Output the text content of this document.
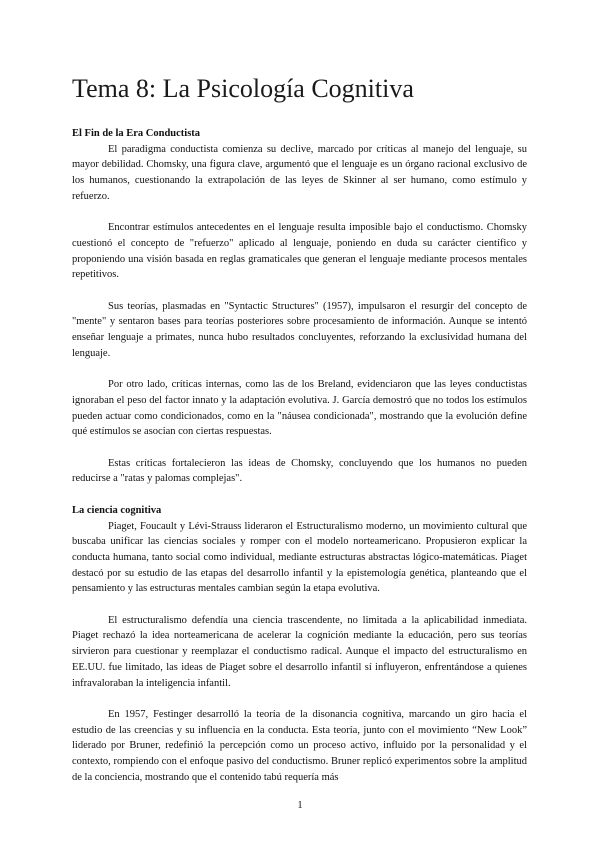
Tema 8: La Psicología Cognitiva

El Fin de la Era Conductista

El paradigma conductista comienza su declive, marcado por críticas al manejo del lenguaje, su mayor debilidad. Chomsky, una figura clave, argumentó que el lenguaje es un órgano racional exclusivo de los humanos, cuestionando la extrapolación de las leyes de Skinner al ser humano, como estímulo y refuerzo.

Encontrar estímulos antecedentes en el lenguaje resulta imposible bajo el conductismo. Chomsky cuestionó el concepto de "refuerzo" aplicado al lenguaje, poniendo en duda su carácter científico y proponiendo una visión basada en reglas gramaticales que generan el lenguaje mediante procesos mentales repetitivos.

Sus teorías, plasmadas en "Syntactic Structures" (1957), impulsaron el resurgir del concepto de "mente" y sentaron bases para teorías posteriores sobre procesamiento de información. Aunque se intentó enseñar lenguaje a primates, nunca hubo resultados concluyentes, reforzando la exclusividad humana del lenguaje.

Por otro lado, críticas internas, como las de los Breland, evidenciaron que las leyes conductistas ignoraban el peso del factor innato y la adaptación evolutiva. J. García demostró que no todos los estímulos pueden actuar como condicionados, como en la "náusea condicionada", mostrando que la evolución define qué estímulos se asocian con ciertas respuestas.

Estas críticas fortalecieron las ideas de Chomsky, concluyendo que los humanos no pueden reducirse a "ratas y palomas complejas".

La ciencia cognitiva

Piaget, Foucault y Lévi-Strauss lideraron el Estructuralismo moderno, un movimiento cultural que buscaba unificar las ciencias sociales y romper con el modelo norteamericano. Propusieron explicar la conducta humana, tanto social como individual, mediante estructuras abstractas lógico-matemáticas. Piaget destacó por su estudio de las etapas del desarrollo infantil y la epistemología genética, planteando que el pensamiento y las estructuras mentales cambian según la etapa evolutiva.

El estructuralismo defendía una ciencia trascendente, no limitada a la aplicabilidad inmediata. Piaget rechazó la idea norteamericana de acelerar la cognición mediante la educación, pero sus teorías sirvieron para cuestionar y reemplazar el conductismo radical. Aunque el impacto del estructuralismo en EE.UU. fue limitado, las ideas de Piaget sobre el desarrollo infantil sí influyeron, enfrentándose a quienes infravaloraban la inteligencia infantil.

En 1957, Festinger desarrolló la teoría de la disonancia cognitiva, marcando un giro hacia el estudio de las creencias y su influencia en la conducta. Esta teoría, junto con el movimiento “New Look” liderado por Bruner, redefinió la percepción como un proceso activo, influido por la personalidad y el contexto, rompiendo con el enfoque pasivo del conductismo. Bruner replicó experimentos sobre la amplitud de la conciencia, mostrando que el contenido tabú requería más

1
